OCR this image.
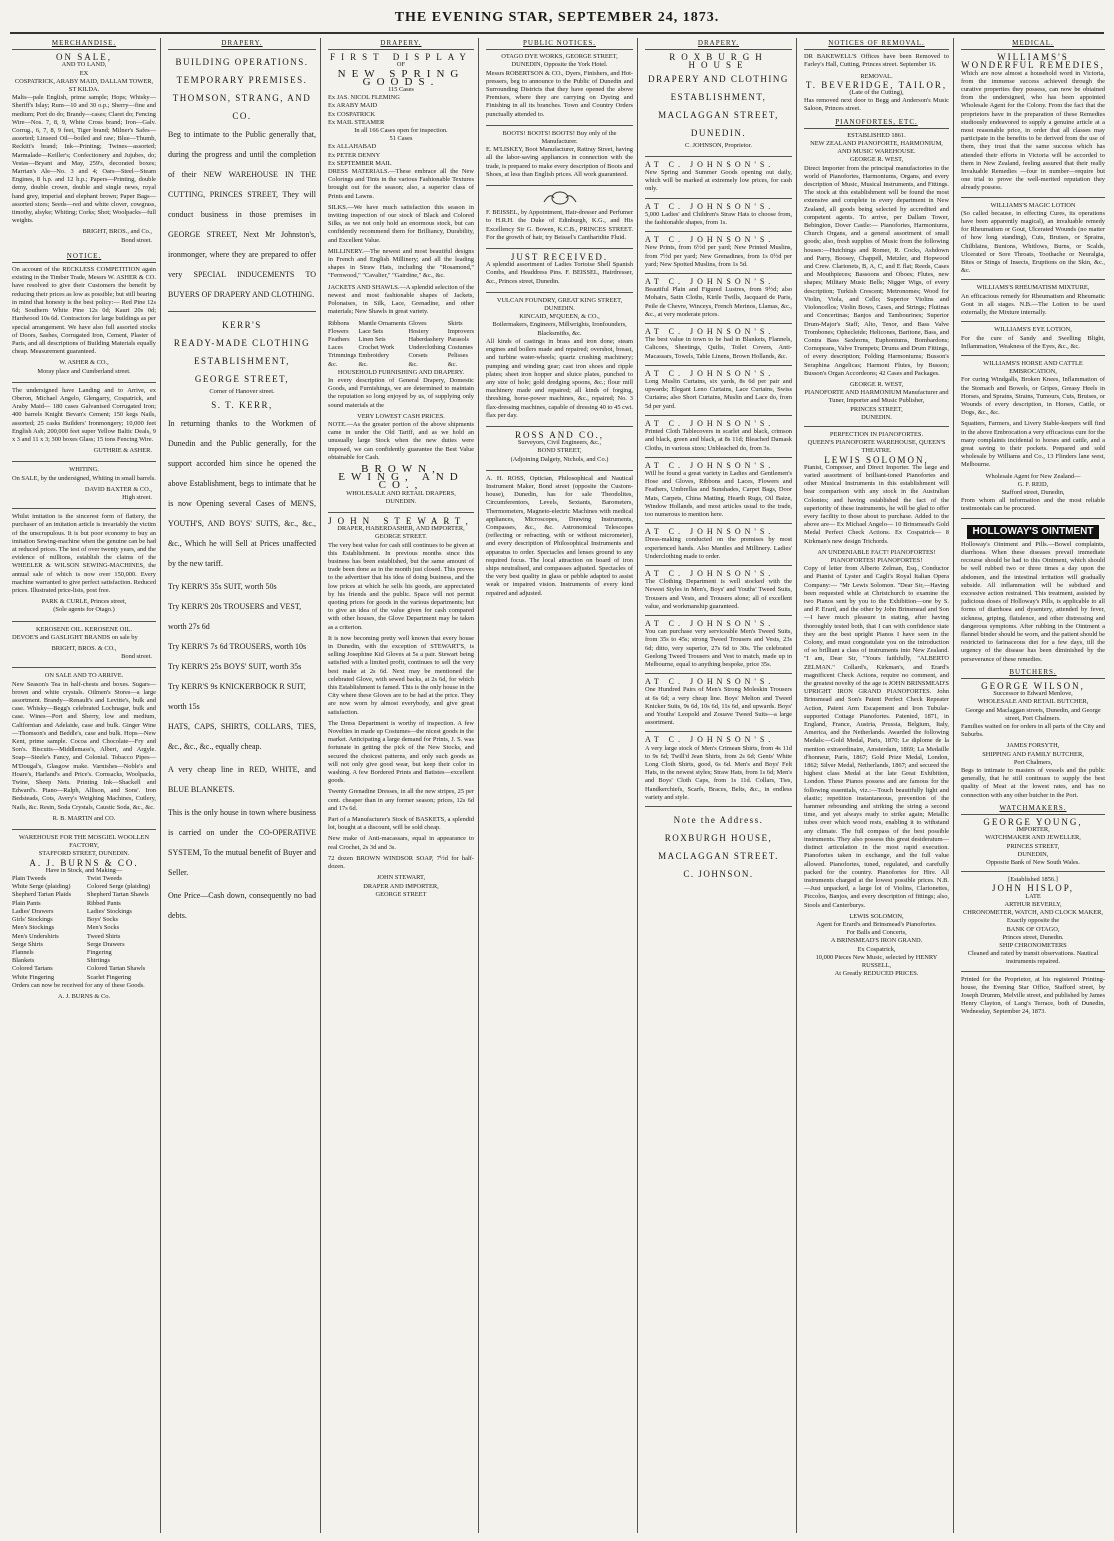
THE EVENING STAR, SEPTEMBER 24, 1873.
MERCHANDISE.
ON SALE,
AND TO LAND,
EX
COSPATRICK, ARABY MAID, DALLAM TOWER, ST KILDA.

Malts—pale English, prime sample; Hops; Whisky—Sheriff's Islay; Rum—10 and 30 o.p.; Sherry—fine and medium; Port do do; Brandy—cases; Claret do; Fencing Wire—Nos. 7, 8, 9, White Cross brand; Iron—Galv. Corrug., 6, 7, 8, 9 feet, Tiger brand; Milner's Safes—assorted; Linseed Oil—boiled and raw; Blue—Thumb, Reckitt's brand; Ink—Printing; Twines—assorted; Marmalade—Keiller's; Confectionery and Jujubes, do; Vestas—Bryant and May, 259's, decorated boxes; Marrian's Ale—No. 3 and 4; Oars—Steel—Steam Engines, 8 h.p. and 12 h.p.; Papers—Printing, double demy, double crown, double and single news, royal hand grey, imperial and elephant brown; Paper Bags—assorted sizes; Seeds—red and white clover, cowgrass, timothy, alsyke; Whiting; Corks; Shot; Woolpacks—full weights.

BRIGHT, BROS., and Co.,
Bond street.
NOTICE.

On account of the RECKLESS COMPETITION again existing in the Timber Trade, Messrs W. ASHER & CO. have resolved to give their Customers the benefit by reducing their prices as low as possible; but still bearing in mind that honesty is the best policy:— Red Pine 12s 6d; Southern White Pine 12s 0d; Kauri 20s 0d; Hardwood 10s 6d. Contractors for large buildings as per special arrangement. We have also full assorted stocks of Doors, Sashes, Corrugated Iron, Cement, Plaster of Paris, and all descriptions of Building Materials equally cheap. Measurement guaranteed.

W. ASHER & CO.,
Moray place and Cumberland street.

The undersigned have Landing and to Arrive, ex Oberon, Michael Angelo, Glengarry, Cospatrick, and Araby Maid— 180 cases Galvanised Corrugated Iron; 400 barrels Knight Bevan's Cement; 150 kegs Nails, assorted; 25 casks Builders' Ironmongery; 10,000 feet English Ash; 200,000 feet super Yellow Baltic Deals, 9 x 3 and 11 x 3; 300 boxes Glass; 15 tons Fencing Wire.

GUTHRIE & ASHER.
WHITING.

On SALE, by the undersigned, Whiting in small barrels.

DAVID BAXTER & CO.,
High street.

Whilst imitation is the sincerest form of flattery, the purchaser of an imitation article is invariably the victim of the unscrupulous. It is but poor economy to buy an imitation Sewing-machine when the genuine can be had at reduced prices. The test of over twenty years, and the evidence of millions, establish the claims of the WHEELER & WILSON SEWING-MACHINES, the annual sale of which is now over 150,000. Every machine warranted to give perfect satisfaction. Reduced prices. Illustrated price-lists, post free.

PARK & CURLE, Princes street,
(Sole agents for Otago.)
KEROSENE OIL. KEROSENE OIL.

DEVOE'S and GASLIGHT BRANDS on sale by

BRIGHT, BROS. & CO.,
Bond street.
ON SALE AND TO ARRIVE.

New Season's Tea in half-chests and boxes. Sugars—brown and white crystals. Oilmen's Stores—a large assortment. Brandy—Renault's and Levitte's, bulk and case. Whisky—Begg's celebrated Lochnagar, bulk and case. Wines—Port and Sherry, low and medium, Californian and Adelaide, case and bulk. Ginger Wine—Thomson's and Beddle's, case and bulk. Hops—New Kent, prime sample. Cocoa and Chocolate—Fry and Son's. Biscuits—Middlemass's, Albert, and Argyle. Soap—Steele's Fancy, and Colonial. Tobacco Pipes—M'Dougal's, Glasgow make. Varnishes—Noble's and Hoare's, Harland's and Price's. Cornsacks, Woolpacks, Twine, Sheep Nets. Printing Ink—Shackell and Edward's. Piano—Ralph, Allison, and Sons'. Iron Bedsteads, Cots, Avery's Weighing Machines, Cutlery, Nails, &c. Resin, Soda Crystals, Caustic Soda, &c., &c.

R. B. MARTIN and CO.
WAREHOUSE FOR THE MOSGIEL WOOLLEN FACTORY,
STAFFORD STREET, DUNEDIN.
A. J. BURNS & CO.
Have in Stock, and Making—
Plain Tweeds
White Serge (plaiding)
Shepherd Tartan Plaids
Plain Pants
Ladies' Drawers
Girls' Stockings
Men's Stockings
Men's Undershirts
Serge Shirts
Flannels
Blankets
Colored Tartans
White Fingering
Twist Tweeds
Colored Serge (plaiding)
Shepherd Tartan Shawls
Ribbed Pants
Ladies' Stockings
Boys' Socks
Men's Socks
Tweed Shirts
Serge Drawers
Fingering
Shirtings
Colored Tartan Shawls
Scarlet Fingering

Orders can now be received for any of these Goods.

A. J. BURNS & Co.
DRAPERY.
BUILDING OPERATIONS.
TEMPORARY PREMISES.
THOMSON, STRANG, AND CO.

Beg to intimate to the Public generally that, during the progress and until the completion of their NEW WAREHOUSE IN THE CUTTING, PRINCES STREET, They will conduct business in those premises in GEORGE STREET, Next Mr Johnston's, ironmonger, where they are prepared to offer very SPECIAL INDUCEMENTS TO BUYERS OF DRAPERY AND CLOTHING.

KERR'S
READY-MADE CLOTHING
ESTABLISHMENT,
GEORGE STREET,
Corner of Hanover street.
S. T. KERR,

In returning thanks to the Workmen of Dunedin and the Public generally, for the support accorded him since he opened the above Establishment, begs to intimate that he is now Opening several Cases of MEN'S, YOUTH'S, AND BOYS' SUITS, &c., &c., &c., Which he will Sell at Prices unaffected by the new tariff.

Try KERR'S 35s SUIT, worth 50s
Try KERR'S 20s TROUSERS and VEST, worth 27s 6d
Try KERR'S 7s 6d TROUSERS, worth 10s
Try KERR'S 25s BOYS' SUIT, worth 35s
Try KERR'S 9s KNICKERBOCK R SUIT, worth 15s

HATS, CAPS, SHIRTS, COLLARS, TIES, &c., &c., &c., equally cheap.

A very cheap line in RED, WHITE, and BLUE BLANKETS.

This is the only house in town where business is carried on under the CO-OPERATIVE SYSTEM, To the mutual benefit of Buyer and Seller.

One Price—Cash down, consequently no bad debts.

DRAPERY.
FIRST DISPLAY
OF
NEW SPRING GOODS.
115 Cases
Ex JAS. NICOL FLEMING
Ex ARABY MAID
Ex COSPATRICK
Ex MAIL STEAMER
In all 166 Cases open for inspection.
51 Cases
Ex ALLAHABAD
Ex PETER DENNY
Ex SEPTEMBER MAIL

DRESS MATERIALS.—These embrace all the New Colorings and Tints in the various Fashionable Textures brought out for the season; also, a superior class of Prints and Lawns.

SILKS.—We have much satisfaction this season in inviting inspection of our stock of Black and Colored Silks, as we not only hold an enormous stock, but can confidently recommend them for Brilliancy, Durability, and Excellent Value.

MILLINERY.—The newest and most beautiful designs in French and English Millinery; and all the leading shapes in Straw Hats, including the "Rosamond," "Fernwood," "Cavalier," "Gairdine," &c., &c.

JACKETS AND SHAWLS.—A splendid selection of the newest and most fashionable shapes of Jackets, Polonaises, in Silk, Lace, Grenadine, and other materials; New Shawls in great variety.

Ribbons
Flowers
Feathers
Laces
Trimmings
&c.
Mantle Ornaments
Lace Sets
Linen Sets
Crochet Work
Embroidery
&c.
Gloves
Hosiery
Haberdashery
Underclothing
Corsets
&c.
Skirts
Improvers
Parasols
Costumes
Pelisses
&c.
HOUSEHOLD FURNISHING AND DRAPERY.

In every description of General Drapery, Domestic Goods, and Furnishings, we are determined to maintain the reputation so long enjoyed by us, of supplying only sound materials at the

VERY LOWEST CASH PRICES.

NOTE.—As the greater portion of the above shipments came in under the Old Tariff, and as we hold an unusually large Stock when the new duties were imposed, we can confidently guarantee the Best Value obtainable for Cash.

BROWN, EWING, AND CO.,
WHOLESALE AND RETAIL DRAPERS,
DUNEDIN.
JOHN STEWART,
DRAPER, HABERDASHER, AND IMPORTER,
GEORGE STREET.

The very best value for cash still continues to be given at this Establishment. In previous months since this business has been established, but the same amount of trade been done as in the month just closed. This proves to the advertiser that his idea of doing business, and the low prices at which he sells his goods, are appreciated by his friends and the public. Space will not permit quoting prices for goods in the various departments; but to give an idea of the value given for cash compared with other houses, the Glove Department may be taken as a criterion.

It is now becoming pretty well known that every house in Dunedin, with the exception of STEWART'S, is selling Josephine Kid Gloves at 5s a pair. Stewart being satisfied with a limited profit, continues to sell the very best make at 2s 6d. Next may be mentioned the celebrated Glove, with sewed backs, at 2s 6d, for which this Establishment is famed. This is the only house in the City where these Gloves are to be had at the price. They are now worn by almost everybody, and give great satisfaction.

The Dress Department is worthy of inspection. A few Novelties in made up Costumes—the nicest goods in the market. Anticipating a large demand for Prints, J. S. was fortunate in getting the pick of the New Stocks, and secured the choicest patterns, and only such goods as will not only give good wear, but keep their color in washing. A few Bordered Prints and Batistes—excellent goods.

Twenty Grenadine Dresses, in all the new stripes, 25 per cent. cheaper than in any former season; prices, 12s 6d and 17s 6d.

Part of a Manufacturer's Stock of BASKETS, a splendid lot, bought at a discount, will be sold cheap.

New make of Anti-macassars, equal in appearance to real Crochet, 2s 3d and 3s.

72 dozen BROWN WINDSOR SOAP, 7½d for half-dozen.

JOHN STEWART,
DRAPER AND IMPORTER,
GEORGE STREET
PUBLIC NOTICES.
OTAGO DYE WORKS, GEORGE STREET, DUNEDIN, Opposite the York Hotel.

Messrs ROBERTSON & CO., Dyers, Finishers, and Hot-pressers, beg to announce to the Public of Dunedin and Surrounding Districts that they have opened the above Premises, where they are carrying on Dyeing and Finishing in all its branches. Town and Country Orders punctually attended to.

BOOTS! BOOTS! BOOTS! Buy only of the Manufacturer.

E. M'LISKEY, Boot Manufacturer, Rattray Street, having all the labor-saving appliances in connection with the trade, is prepared to make every description of Boots and Shoes, at less than English prices. All work guaranteed.

F. BEISSEL, by Appointment, Hair-dresser and Perfumer to H.R.H. the Duke of Edinburgh, K.G., and His Excellency Sir G. Bowen, K.C.B., PRINCES STREET. For the growth of hair, try Beissel's Cantharidite Fluid.

JUST RECEIVED.

A splendid assortment of Ladies Tortoise Shell Spanish Combs, and Headdress Pins. F. BEISSEL, Hairdresser, &c., Princes street, Dunedin.

VULCAN FOUNDRY, GREAT KING STREET, DUNEDIN.
KINCAID, M'QUEEN, & CO.,
Boilermakers, Engineers, Millwrights, Ironfounders, Blacksmiths, &c.

All kinds of castings in brass and iron done; steam engines and boilers made and repaired; overshot, breast, and turbine water-wheels; quartz crushing machinery; pumping and winding gear; cast iron shoes and ripple plates; sheet iron hopper and sluice plates, punched to any size of hole; gold dredging spoons, &c.; flour mill machinery made and repaired; all kinds of forging, threshing, horse-power machines, &c., repaired; No. 3 flax-dressing machines, capable of dressing 40 to 45 cwt. flax per day.

ROSS AND CO.,
Surveyors, Civil Engineers, &c.,
BOND STREET,
(Adjoining Dalgety, Nichols, and Co.)

A. H. ROSS, Optician, Philosophical and Nautical Instrument Maker, Bond street (opposite the Custom-house), Dunedin, has for sale Theodolites, Circumferentors, Levels, Sextants, Barometers, Thermometers, Magneto-electric Machines with medical appliances, Microscopes, Drawing Instruments, Compasses, &c., &c. Astronomical Telescopes (reflecting or refracting, with or without micrometer), and every description of Philosophical Instruments and apparatus to order. Spectacles and lenses ground to any required focus. The local attraction on board of iron ships neutralised, and compasses adjusted. Spectacles of the very best quality in glass or pebble adapted to assist weak or impaired vision. Instruments of every kind repaired and adjusted.

DRAPERY.
ROXBURGH HOUSE
DRAPERY AND CLOTHING ESTABLISHMENT,
MACLAGGAN STREET,
DUNEDIN.
C. JOHNSON, Proprietor.
AT C. JOHNSON'S.

New Spring and Summer Goods opening out daily, which will be marked at extremely low prices, for cash only.

AT C. JOHNSON'S.

5,000 Ladies' and Children's Straw Hats to choose from, the fashionable shapes, from 1s.

AT C. JOHNSON'S.

New Prints, from 6½d per yard; New Printed Muslins, from 7½d per yard; New Grenadines, from 1s 0½d per yard; New Spotted Muslins, from 1s 5d.

AT C. JOHNSON'S.

Beautiful Plain and Figured Lustres, from 9½d; also Mohairs, Satin Cloths, Kirtle Twills, Jacquard de Paris, Peile de Chevre, Winceys, French Merinos, Llamas, &c., &c., at very moderate prices.

AT C. JOHNSON'S.

The best value in town to be had in Blankets, Flannels, Calicoes, Sheetings, Quilts, Toilet Covers, Anti-Macassars, Towels, Table Linens, Brown Hollands, &c.

AT C. JOHNSON'S.

Long Muslin Curtains, six yards, 8s 6d per pair and upwards; Elegant Leno Curtains, Lace Curtains, Swiss Curtains; also Short Curtains, Muslin and Lace do, from 5d per yard.

AT C. JOHNSON'S.

Printed Cloth Tablecovers in scarlet and black, crimson and black, green and black, at 8s 11d; Bleached Damask Cloths, in various sizes; Unbleached do, from 3s.

AT C. JOHNSON'S.

Will be found a great variety in Ladies and Gentlemen's Hose and Gloves, Ribbons and Laces, Flowers and Feathers, Umbrellas and Sunshades, Carpet Bags, Door Mats, Carpets, China Matting, Hearth Rugs, Oil Baize, Window Hollands, and most articles usual to the trade, too numerous to mention here.

AT C. JOHNSON'S.

Dress-making conducted on the premises by most experienced hands. Also Mantles and Millinery. Ladies' Underclothing made to order.

AT C. JOHNSON'S.

The Clothing Department is well stocked with the Newest Styles in Men's, Boys' and Youths' Tweed Suits, Trousers and Vests, and Trousers alone; all of excellent value, and workmanship guaranteed.

AT C. JOHNSON'S.

You can purchase very serviceable Men's Tweed Suits, from 35s to 45s; strong Tweed Trousers and Vests, 23s 6d; ditto, very superior, 27s 6d to 30s. The celebrated Geelong Tweed Trousers and Vest to match, made up in Melbourne, equal to anything bespoke, price 35s.

AT C. JOHNSON'S.

One Hundred Pairs of Men's Strong Moleskin Trousers at 6s 6d; a very cheap line. Boys' Melton and Tweed Knicker Suits, 9s 6d, 10s 6d, 11s 6d, and upwards. Boys' and Youths' Leopold and Zouave Tweed Suits—a large assortment.

AT C. JOHNSON'S.

A very large stock of Men's Crimean Shirts, from 4s 11d to 9s 6d; Twill'd Jean Shirts, from 2s 6d; Gents' White Long Cloth Shirts, good, 6s 6d. Men's and Boys' Felt Hats, in the newest styles; Straw Hats, from 1s 6d; Men's and Boys' Cloth Caps, from 1s 11d. Collars, Ties, Handkerchiefs, Scarfs, Braces, Belts, &c., in endless variety and style.

Note the Address.
ROXBURGH HOUSE,
MACLAGGAN STREET.
C. JOHNSON.
NOTICES OF REMOVAL.

DR BAKEWELL'S Offices have been Removed to Farley's Hall, Cutting, Princes street. September 16.

REMOVAL.
T. BEVERIDGE, TAILOR,
(Late of the Cutting),

Has removed next door to Begg and Anderson's Music Saloon, Princes street.

PIANOFORTES, ETC.
ESTABLISHED 1861.
NEW ZEALAND PIANOFORTE, HARMONIUM, AND MUSIC WAREHOUSE.
GEORGE R. WEST,

Direct Importer from the principal manufactories in the world of Pianofortes, Harmoniums, Organs, and every description of Music, Musical Instruments, and Fittings. The stock at this establishment will be found the most extensive and complete in every department in New Zealand, all goods being selected by accredited and competent agents. To arrive, per Dallam Tower, Bebington, Dover Castle:— Pianofortes, Harmoniums, Church Organs, and a general assortment of small goods; also, fresh supplies of Music from the following houses:—Hutchings and Romer, R. Cocks, Ashdown and Parry, Boosey, Chappell, Metzler, and Hopwood and Crew. Clarionets, B, A, C, and E flat; Reeds, Cases and Mouthpieces; Bassoons and Oboes; Flutes, new shapes; Military Music Bells; Nigger Wigs, of every description; Turkish Crescent; Metronomes; Wood for Violin, Viola, and Cello; Superior Violins and Violoncellos; Violin Bows, Cases, and Strings; Flutinas and Concertinas; Banjos and Tambourines; Superior Drum-Major's Staff; Alto, Tenor, and Bass Valve Trombones; Ophecleide; Helicones, Baritone, Bass, and Contra Bass Saxhorns, Euphoniums, Bombardons; Cornopeans, Valve Trumpets; Drums and Drum Fittings, of every description; Folding Harmoniums; Busson's Seraphina Angelicas; Harmoni Flutes, by Busson; Busson's Organ Accordeons; 42 Cases and Packages.

GEORGE R. WEST,
PIANOFORTE AND HARMONIUM Manufacturer and Tuner, Importer and Music Publisher,
PRINCES STREET,
DUNEDIN.
PERFECTION IN PIANOFORTES.
QUEEN'S PIANOFORTE WAREHOUSE, QUEEN'S THEATRE.
LEWIS SOLOMON,

Pianist, Composer, and Direct Importer. The large and varied assortment of brilliant-toned Pianofortes and other Musical Instruments in this establishment will bear comparison with any stock in the Australian Colonies; and having established the fact of the superiority of these instruments, he will be glad to offer every facility to those about to purchase. Added to the above are— Ex Michael Angelo— 10 Brinsmead's Gold Medal Perfect Check Actions. Ex Cospatrick— 8 Kirkman's new design Trichords.

AN UNDENIABLE FACT! PIANOFORTES! PIANOFORTES! PIANOFORTES!

Copy of letter from Alberto Zelman, Esq., Conductor and Pianist of Lyster and Cagli's Royal Italian Opera Company:— "Mr Lewis Solomon. "Dear Sir,—Having been requested while at Christchurch to examine the two Pianos sent by you to the Exhibition—one by S. and P. Erard, and the other by John Brinsmead and Son—I have much pleasure in stating, after having thoroughly tested both, that I can with confidence state they are the best upright Pianos I have seen in the Colony, and must congratulate you on the introduction of so brilliant a class of instruments into New Zealand. "I am, Dear Sir, "Yours faithfully, "ALBERTO ZELMAN." Collard's, Kirkman's, and Erard's magnificent Check Actions, require no comment, and the greatest novelty of the age is JOHN BRINSMEAD'S UPRIGHT IRON GRAND PIANOFORTES. John Brinsmead and Son's Patent Perfect Check Repeater Action, Patent Arm Escapement and Iron Tubular-supported Cottage Pianofortes. Patented, 1871, in England, France, Austria, Prussia, Belgium, Italy, America, and the Netherlands. Awarded the following Medals:—Gold Medal, Paris, 1870; Le diplome de la mention extraordinaire, Amsterdam, 1869; La Medaille d'honneur, Paris, 1867; Gold Prize Medal, London, 1862; Silver Medal, Netherlands, 1867; and secured the highest class Medal at the late Great Exhibition, London. These Pianos possess and are famous for the following essentials, viz.:—Touch beautifully light and elastic; repetition instantaneous, prevention of the hammer rebounding and striking the string a second time, and yet always ready to strike again; Metallic tubes over which wood rests, enabling it to withstand any climate. The full compass of the best possible instruments. They also possess this great desideratum—distinct articulation in the most rapid execution. Pianofortes taken in exchange, and the full value allowed. Pianofortes, tuned, regulated, and carefully packed for the country. Pianofortes for Hire. All instruments charged at the lowest possible prices. N.B.—Just unpacked, a large lot of Violins, Clarionettes, Piccolos, Banjos, and every description of fittings; also, Stools and Canterburys.

LEWIS SOLOMON,
Agent for Erard's and Brinsmead's Pianofortes.
For Balls and Concerts,
A BRINSMEAD'S IRON GRAND.
Ex Cospatrick,
10,000 Pieces New Music, selected by HENRY RUSSELL,
At Greatly REDUCED PRICES.
MEDICAL.
WILLIAMS'S WONDERFUL REMEDIES,

Which are now almost a household word in Victoria, from the immense success achieved through the curative properties they possess, can now be obtained from the undersigned, who has been appointed Wholesale Agent for the Colony. From the fact that the proprietors have in the preparation of these Remedies studiously endeavored to supply a genuine article at a most reasonable price, in order that all classes may participate in the benefits to be derived from the use of them, they trust that the same success which has attended their efforts in Victoria will be accorded to them in New Zealand, feeling assured that their really Invaluable Remedies —four in number—require but one trial to prove the well-merited reputation they already possess.

WILLIAMS'S MAGIC LOTION

(So called because, in effecting Cures, its operations have been apparently magical), an invaluable remedy for Rheumatism or Gout, Ulcerated Wounds (no matter of how long standing), Cuts, Bruises, or Sprains, Chilblains, Bunions, Whitlows, Burns, or Scalds, Ulcerated or Sore Throats, Toothache or Neuralgia, Bites or Stings of Insects, Eruptions on the Skin, &c., &c.

WILLIAMS'S RHEUMATISM MIXTURE,

An efficacious remedy for Rheumatism and Rheumatic Gout in all stages. N.B.—The Lotion to be used externally, the Mixture internally.

WILLIAMS'S EYE LOTION,

For the cure of Sandy and Swelling Blight, Inflammation, Weakness of the Eyes, &c., &c.

WILLIAMS'S HORSE AND CATTLE EMBROCATION,

For curing Windgalls, Broken Knees, Inflammation of the Stomach and Bowels, or Gripes, Greasy Heels in Horses, and Sprains, Strains, Tumours, Cuts, Bruises, or Wounds of every description, in Horses, Cattle, or Dogs, &c., &c.

Squatters, Farmers, and Livery Stable-keepers will find in the above Embrocation a very efficacious cure for the many complaints incidental to horses and cattle, and a great saving to their pockets. Prepared and sold wholesale by Williams and Co., 13 Flinders lane west, Melbourne.

Wholesale Agent for New Zealand—
G. F. REID,
Stafford street, Dunedin,

From whom all information and the most reliable testimonials can be procured.

HOLLOWAY'S OINTMENT

Holloway's Ointment and Pills.—Bowel complaints, diarrhoea. When these diseases prevail immediate recourse should be had to this Ointment, which should be well rubbed two or three times a day upon the abdomen, and the intestinal irritation will gradually subside. All inflammation will be subdued and excessive action restrained. This treatment, assisted by judicious doses of Holloway's Pills, is applicable to all forms of diarrhoea and dysentery, attended by fever, sickness, griping, flatulence, and other distressing and dangerous symptoms. After rubbing in the Ointment a flannel binder should be worn, and the patient should be restricted to farinaceous diet for a few days, till the urgency of the disease has been diminished by the perseverance of these remedies.

BUTCHERS.
GEORGE WILSON,
Successor to Edward Menlove,
WHOLESALE AND RETAIL BUTCHER,
George and Maclaggan streets, Dunedin, and George street, Port Chalmers.

Families waited on for orders in all parts of the City and Suburbs.

JAMES FORSYTH,
SHIPPING AND FAMILY BUTCHER,
Port Chalmers,

Begs to intimate to masters of vessels and the public generally, that he still continues to supply the best quality of Meat at the lowest rates, and has no connection with any other butcher in the Port.

WATCHMAKERS.
GEORGE YOUNG,
IMPORTER,
WATCHMAKER AND JEWELLER,
PRINCES STREET,
DUNEDIN,
Opposite Bank of New South Wales.
[Established 1856.]
JOHN HISLOP,
LATE
ARTHUR BEVERLY,
CHRONOMETER, WATCH, AND CLOCK MAKER,
Exactly opposite the
BANK OF OTAGO,
Princes street, Dunedin.
SHIP CHRONOMETERS
Cleaned and rated by transit observations. Nautical instruments repaired.

Printed for the Proprietor, at his registered Printing-house, the Evening Star Office, Stafford street, by Joseph Drumm, Melville street, and published by James Henry Clayton, of Lang's Terrace, both of Dunedin, Wednesday, September 24, 1873.
